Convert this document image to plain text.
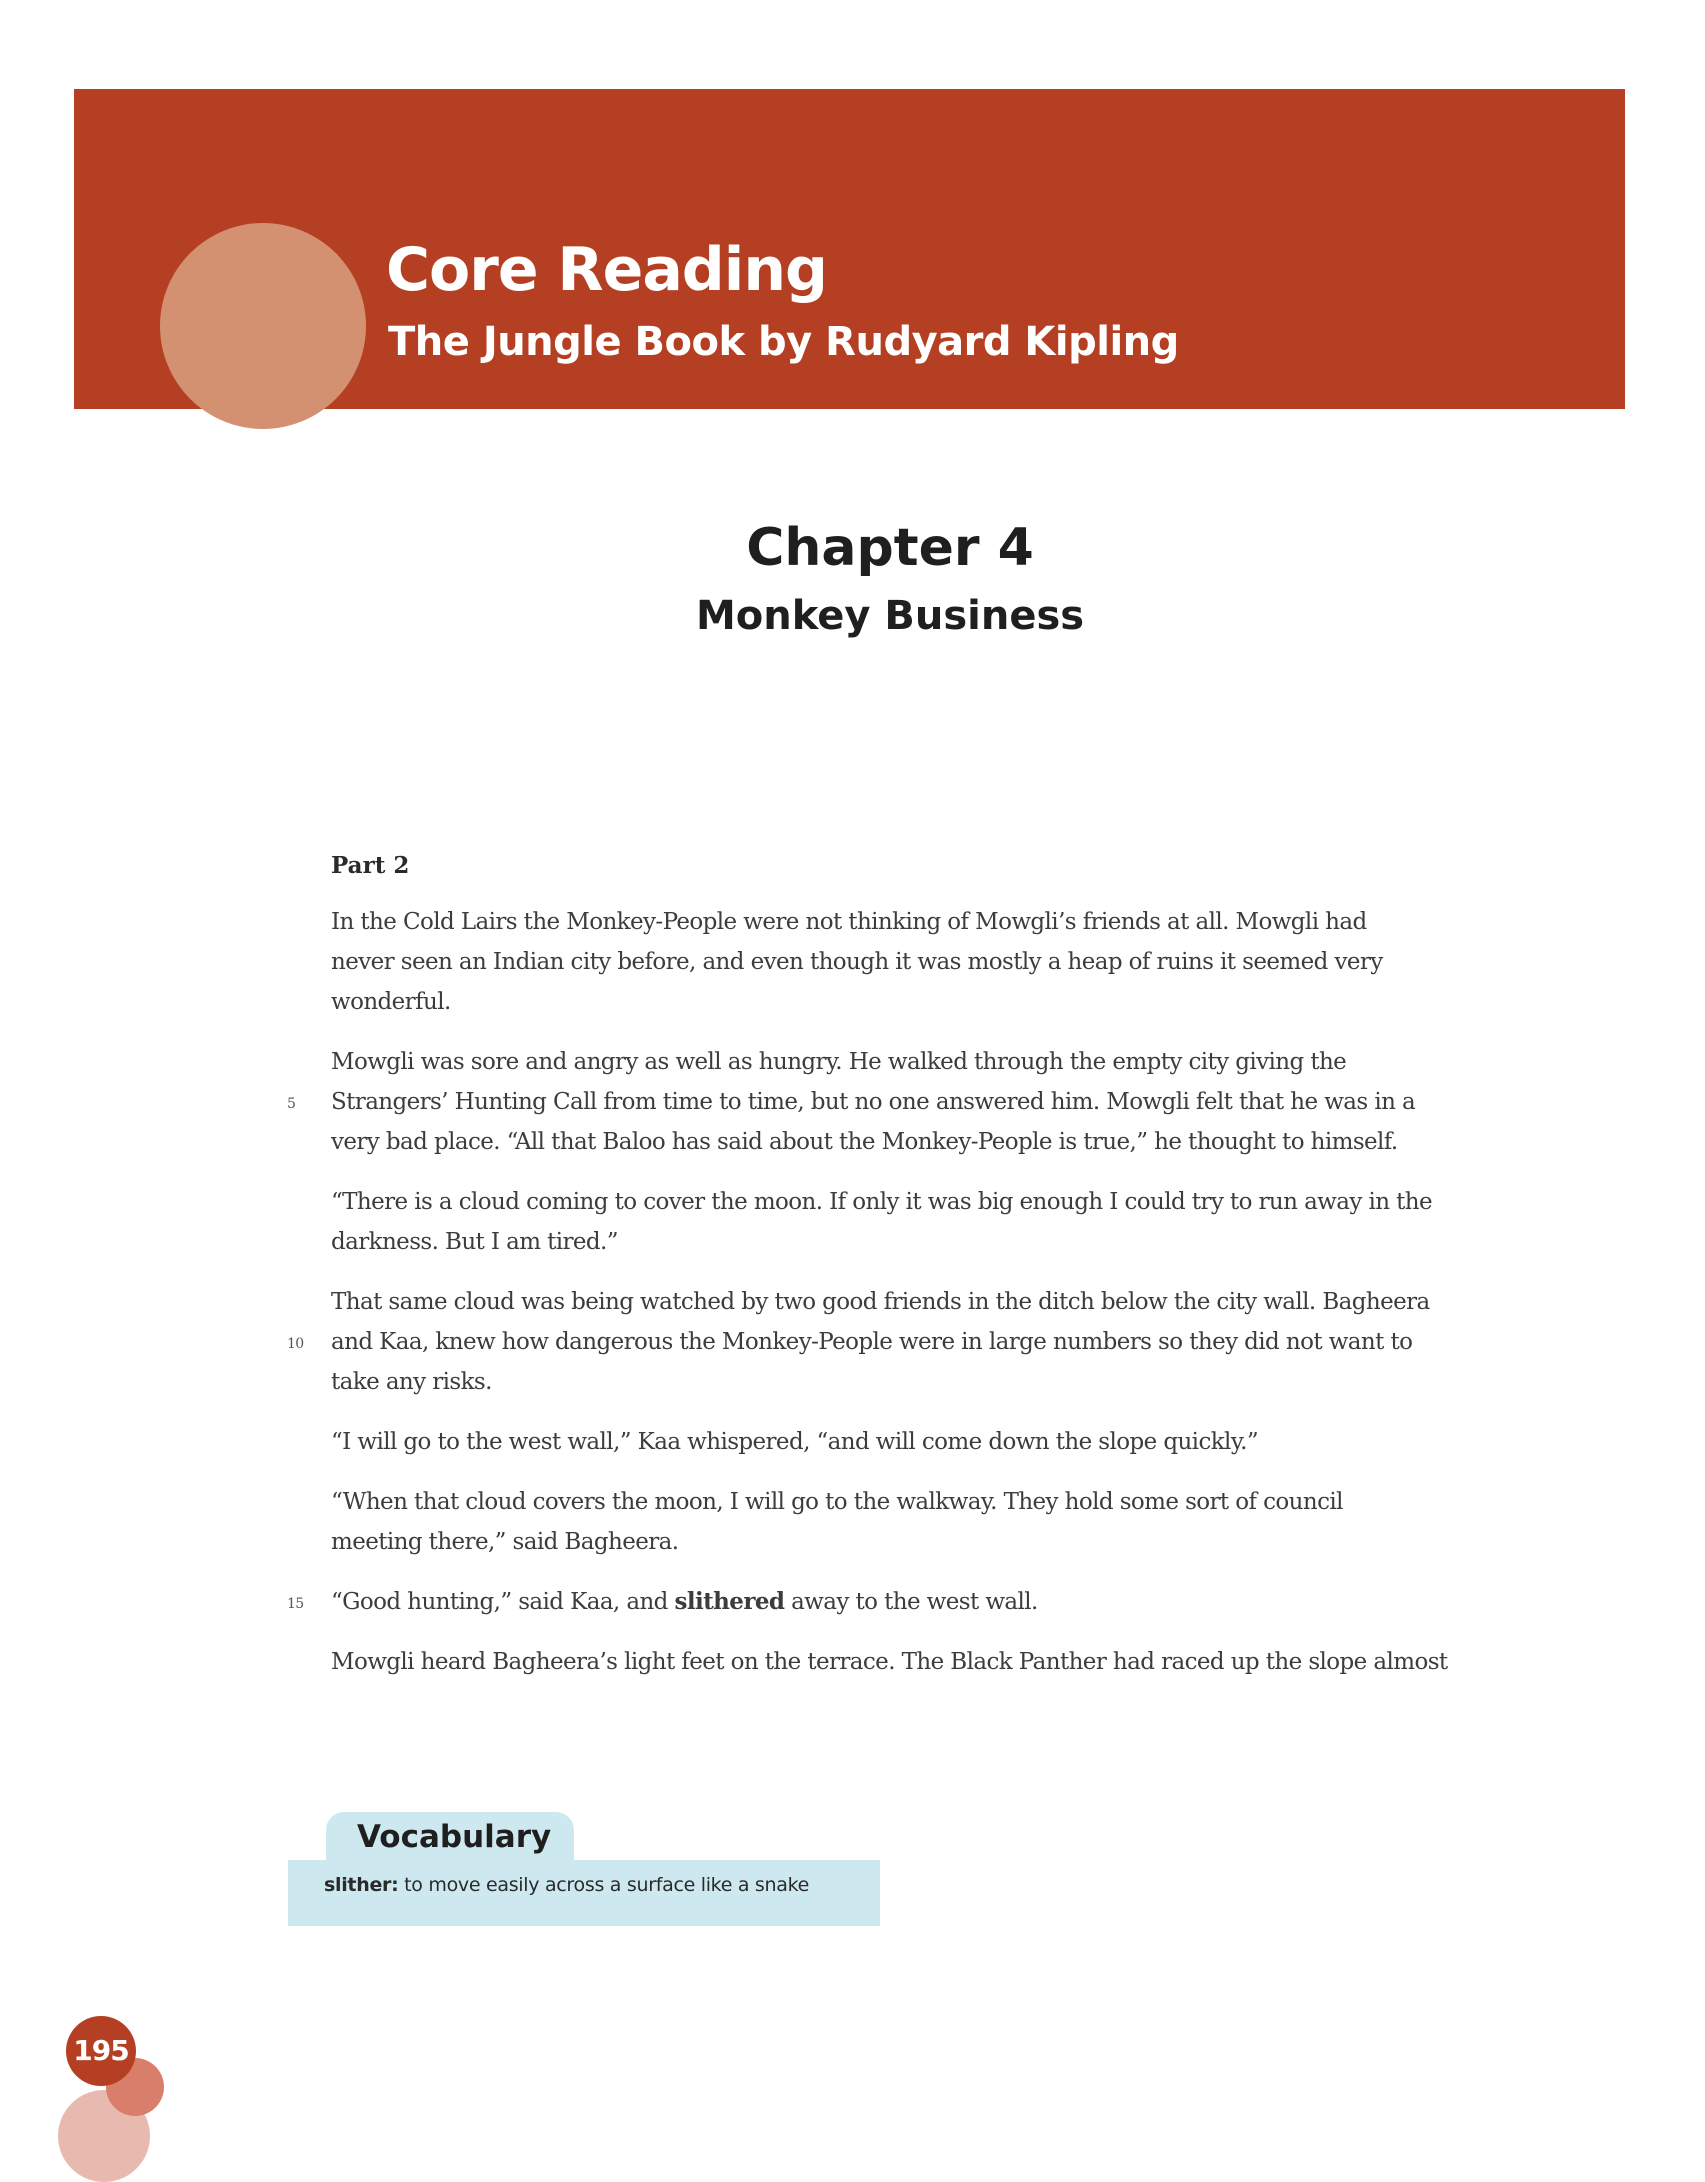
Core Reading
The Jungle Book by Rudyard Kipling
Chapter 4
Monkey Business
Part 2
In the Cold Lairs the Monkey-People were not thinking of Mowgli’s friends at all. Mowgli had
never seen an Indian city before, and even though it was mostly a heap of ruins it seemed very
wonderful.
Mowgli was sore and angry as well as hungry. He walked through the empty city giving the
5	Strangers’ Hunting Call from time to time, but no one answered him. Mowgli felt that he was in a
very bad place. “All that Baloo has said about the Monkey-People is true,” he thought to himself.
“There is a cloud coming to cover the moon. If only it was big enough I could try to run away in the
darkness. But I am tired.”
That same cloud was being watched by two good friends in the ditch below the city wall. Bagheera
10	and Kaa, knew how dangerous the Monkey-People were in large numbers so they did not want to
take any risks.
“I will go to the west wall,” Kaa whispered, “and will come down the slope quickly.”
“When that cloud covers the moon, I will go to the walkway. They hold some sort of council
meeting there,” said Bagheera.
15	“Good hunting,” said Kaa, and slithered away to the west wall.
Mowgli heard Bagheera’s light feet on the terrace. The Black Panther had raced up the slope almost
Vocabulary
slither: to move easily across a surface like a snake
195
